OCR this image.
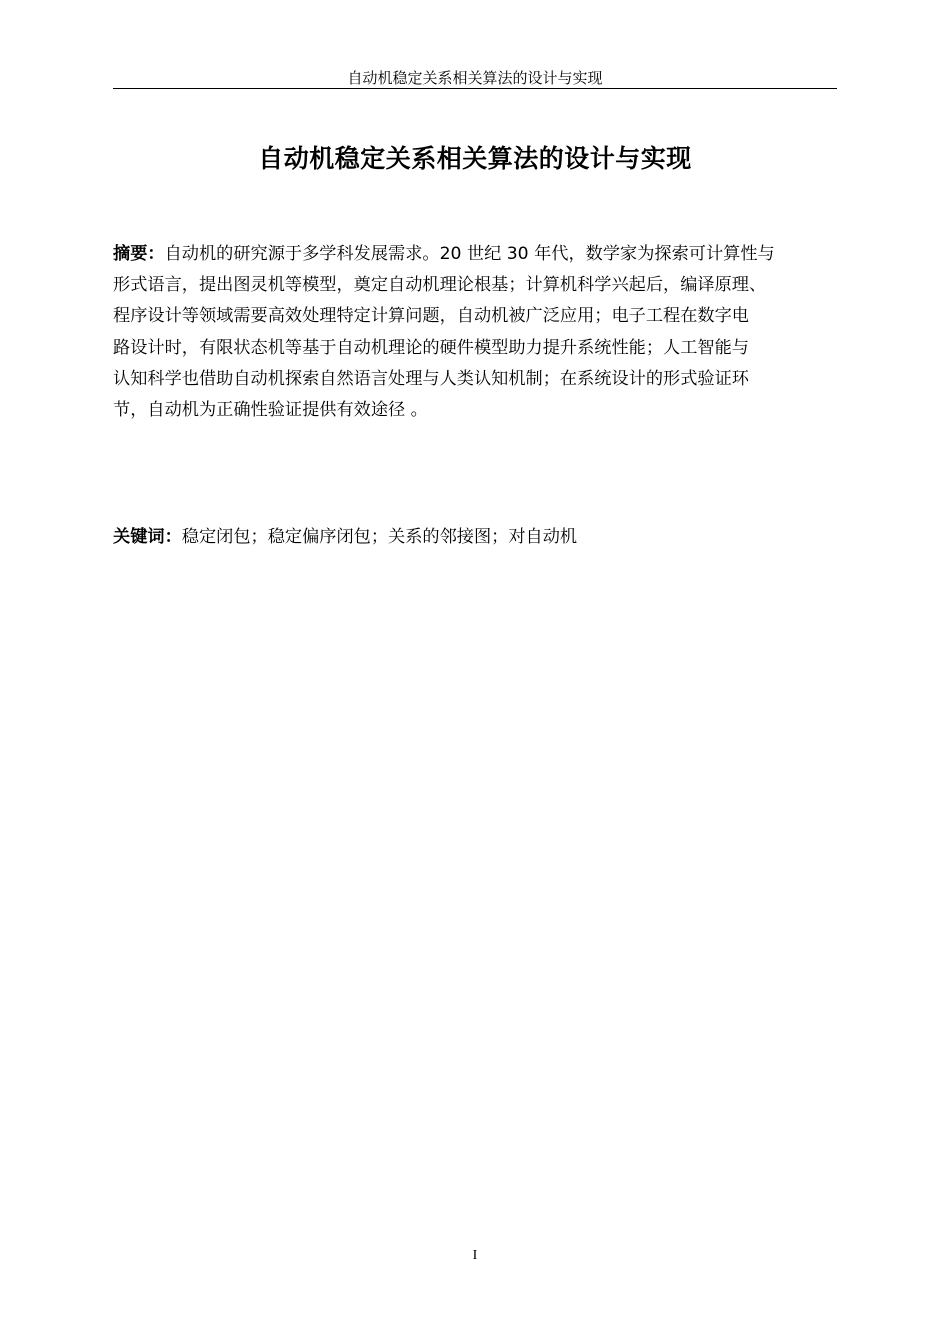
自动机稳定关系相关算法的设计与实现
自动机稳定关系相关算法的设计与实现
摘要：自动机的研究源于多学科发展需求。20 世纪 30 年代，数学家为探索可计算性与
形式语言，提出图灵机等模型，奠定自动机理论根基；计算机科学兴起后，编译原理、
程序设计等领域需要高效处理特定计算问题，自动机被广泛应用；电子工程在数字电
路设计时，有限状态机等基于自动机理论的硬件模型助力提升系统性能；人工智能与
认知科学也借助自动机探索自然语言处理与人类认知机制；在系统设计的形式验证环
节，自动机为正确性验证提供有效途径 。
关键词：稳定闭包；稳定偏序闭包；关系的邻接图；对自动机
I
